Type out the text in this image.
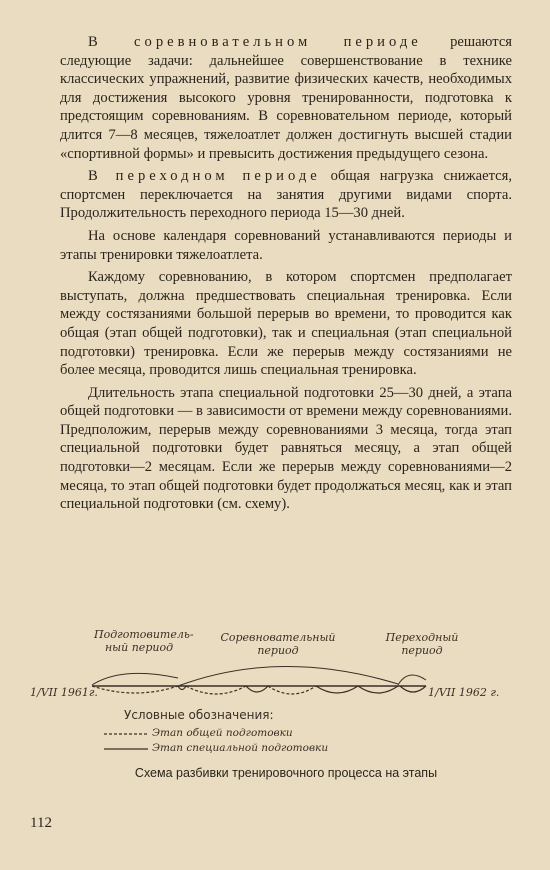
В соревновательном периоде решаются следующие задачи: дальнейшее совершенствование в технике классических упражнений, развитие физических качеств, необходимых для достижения высокого уровня тренированности, подготовка к предстоящим соревнованиям. В соревновательном периоде, который длится 7—8 месяцев, тяжелоатлет должен достигнуть высшей стадии «спортивной формы» и превысить достижения предыдущего сезона.

В переходном периоде общая нагрузка снижается, спортсмен переключается на занятия другими видами спорта. Продолжительность переходного периода 15—30 дней.

На основе календаря соревнований устанавливаются периоды и этапы тренировки тяжелоатлета.

Каждому соревнованию, в котором спортсмен предполагает выступать, должна предшествовать специальная тренировка. Если между состязаниями большой перерыв во времени, то проводится как общая (этап общей подготовки), так и специальная (этап специальной подготовки) тренировка. Если же перерыв между состязаниями не более месяца, проводится лишь специальная тренировка.

Длительность этапа специальной подготовки 25—30 дней, а этапа общей подготовки — в зависимости от времени между соревнованиями. Предположим, перерыв между соревнованиями 3 месяца, тогда этап специальной подготовки будет равняться месяцу, а этап общей подготовки—2 месяцам. Если же перерыв между соревнованиями—2 месяца, то этап общей подготовки будет продолжаться месяц, как и этап специальной подготовки (см. схему).

Подготовитель-
ный период
Соревновательный
период
Переходный
период
1/VII 1961г.	1/VII 1962 г.
Условные обозначения:
Этап общей подготовки
Этап специальной подготовки
Схема разбивки тренировочного процесса на этапы
112
